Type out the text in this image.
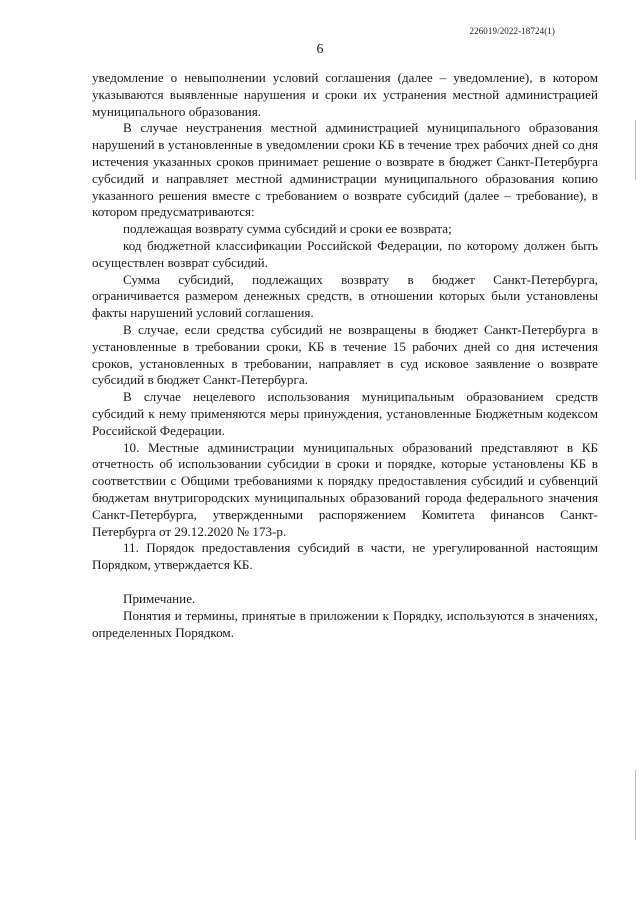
226019/2022-18724(1)
6

уведомление о невыполнении условий соглашения (далее – уведомление), в котором указываются выявленные нарушения и сроки их устранения местной администрацией муниципального образования.

В случае неустранения местной администрацией муниципального образования нарушений в установленные в уведомлении сроки КБ в течение трех рабочих дней со дня истечения указанных сроков принимает решение о возврате в бюджет Санкт-Петербурга субсидий и направляет местной администрации муниципального образования копию указанного решения вместе с требованием о возврате субсидий (далее – требование), в котором предусматриваются:

подлежащая возврату сумма субсидий и сроки ее возврата;

код бюджетной классификации Российской Федерации, по которому должен быть осуществлен возврат субсидий.

Сумма субсидий, подлежащих возврату в бюджет Санкт-Петербурга, ограничивается размером денежных средств, в отношении которых были установлены факты нарушений условий соглашения.

В случае, если средства субсидий не возвращены в бюджет Санкт-Петербурга в установленные в требовании сроки, КБ в течение 15 рабочих дней со дня истечения сроков, установленных в требовании, направляет в суд исковое заявление о возврате субсидий в бюджет Санкт-Петербурга.

В случае нецелевого использования муниципальным образованием средств субсидий к нему применяются меры принуждения, установленные Бюджетным кодексом Российской Федерации.

10. Местные администрации муниципальных образований представляют в КБ отчетность об использовании субсидии в сроки и порядке, которые установлены КБ в соответствии с Общими требованиями к порядку предоставления субсидий и субвенций бюджетам внутригородских муниципальных образований города федерального значения Санкт-Петербурга, утвержденными распоряжением Комитета финансов Санкт-Петербурга от 29.12.2020 № 173-р.

11. Порядок предоставления субсидий в части, не урегулированной настоящим Порядком, утверждается КБ.

Примечание.

Понятия и термины, принятые в приложении к Порядку, используются в значениях, определенных Порядком.
